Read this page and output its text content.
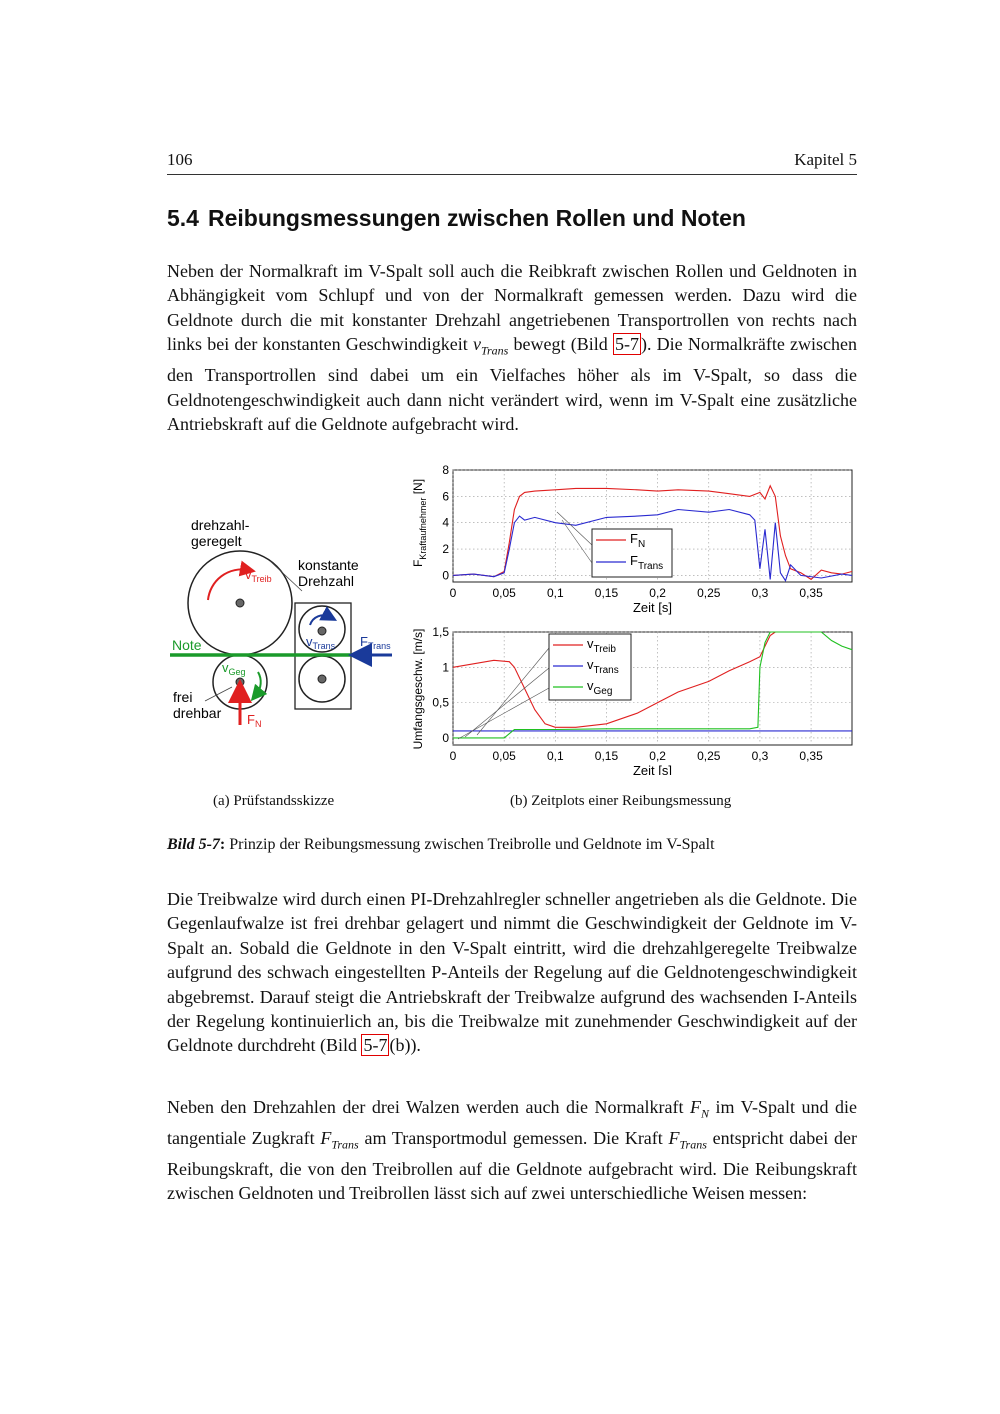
106	Kapitel 5
5.4 Reibungsmessungen zwischen Rollen und Noten

Neben der Normalkraft im V-Spalt soll auch die Reibkraft zwischen Rollen und Geldnoten in Abhängigkeit vom Schlupf und von der Normalkraft gemessen werden. Dazu wird die Geldnote durch die mit konstanter Drehzahl angetriebenen Transportrollen von rechts nach links bei der konstanten Geschwindigkeit $v_{Trans}$ bewegt (Bild 5-7 ). Die Normalkräfte zwischen den Transportrollen sind dabei um ein Vielfaches höher als im V-Spalt, so dass die Geldnotengeschwindigkeit auch dann nicht verändert wird, wenn im V-Spalt eine zusätzliche Antriebskraft auf die Geldnote aufgebracht wird.

drehzahl-
geregelt
konstante
Drehzahl
Note
frei
drehbar
$v_{Treib}$
$v_{Trans}$
$v_{Geg}$
$F_{Trans}$
$F_N$
0	0,05	0,1	0,15	0,2	0,25	0,3	0,35
0
2
4
6
8
$F_N$
$F_{Trans}$
Zeit [s]
$F_{Kraftaufnehmer}$ [N]
0	0,05	0,1	0,15	0,2	0,25	0,3	0,35
0
0,5
1
1,5
$v_{Treib}$
$v_{Trans}$
$v_{Geg}$
Zeit [s]
Umfangsgeschw. [m/s]
(a) Prüfstandsskizze	(b) Zeitplots einer Reibungsmessung
Bild 5-7: Prinzip der Reibungsmessung zwischen Treibrolle und Geldnote im V-Spalt

Die Treibwalze wird durch einen PI-Drehzahlregler schneller angetrieben als die Geldnote. Die Gegenlaufwalze ist frei drehbar gelagert und nimmt die Geschwindigkeit der Geldnote im V-Spalt an. Sobald die Geldnote in den V-Spalt eintritt, wird die drehzahlgeregelte Treibwalze aufgrund des schwach eingestellten P-Anteils der Regelung auf die Geldnotengeschwindigkeit abgebremst. Darauf steigt die Antriebskraft der Treibwalze aufgrund des wachsenden I-Anteils der Regelung kontinuierlich an, bis die Treibwalze mit zunehmender Geschwindigkeit auf der Geldnote durchdreht (Bild 5-7 (b)).

Neben den Drehzahlen der drei Walzen werden auch die Normalkraft $F_N$ im V-Spalt und die tangentiale Zugkraft $F_{Trans}$ am Transportmodul gemessen. Die Kraft $F_{Trans}$ entspricht dabei der Reibungskraft, die von den Treibrollen auf die Geldnote aufgebracht wird. Die Reibungskraft zwischen Geldnoten und Treibrollen lässt sich auf zwei unterschiedliche Weisen messen:
